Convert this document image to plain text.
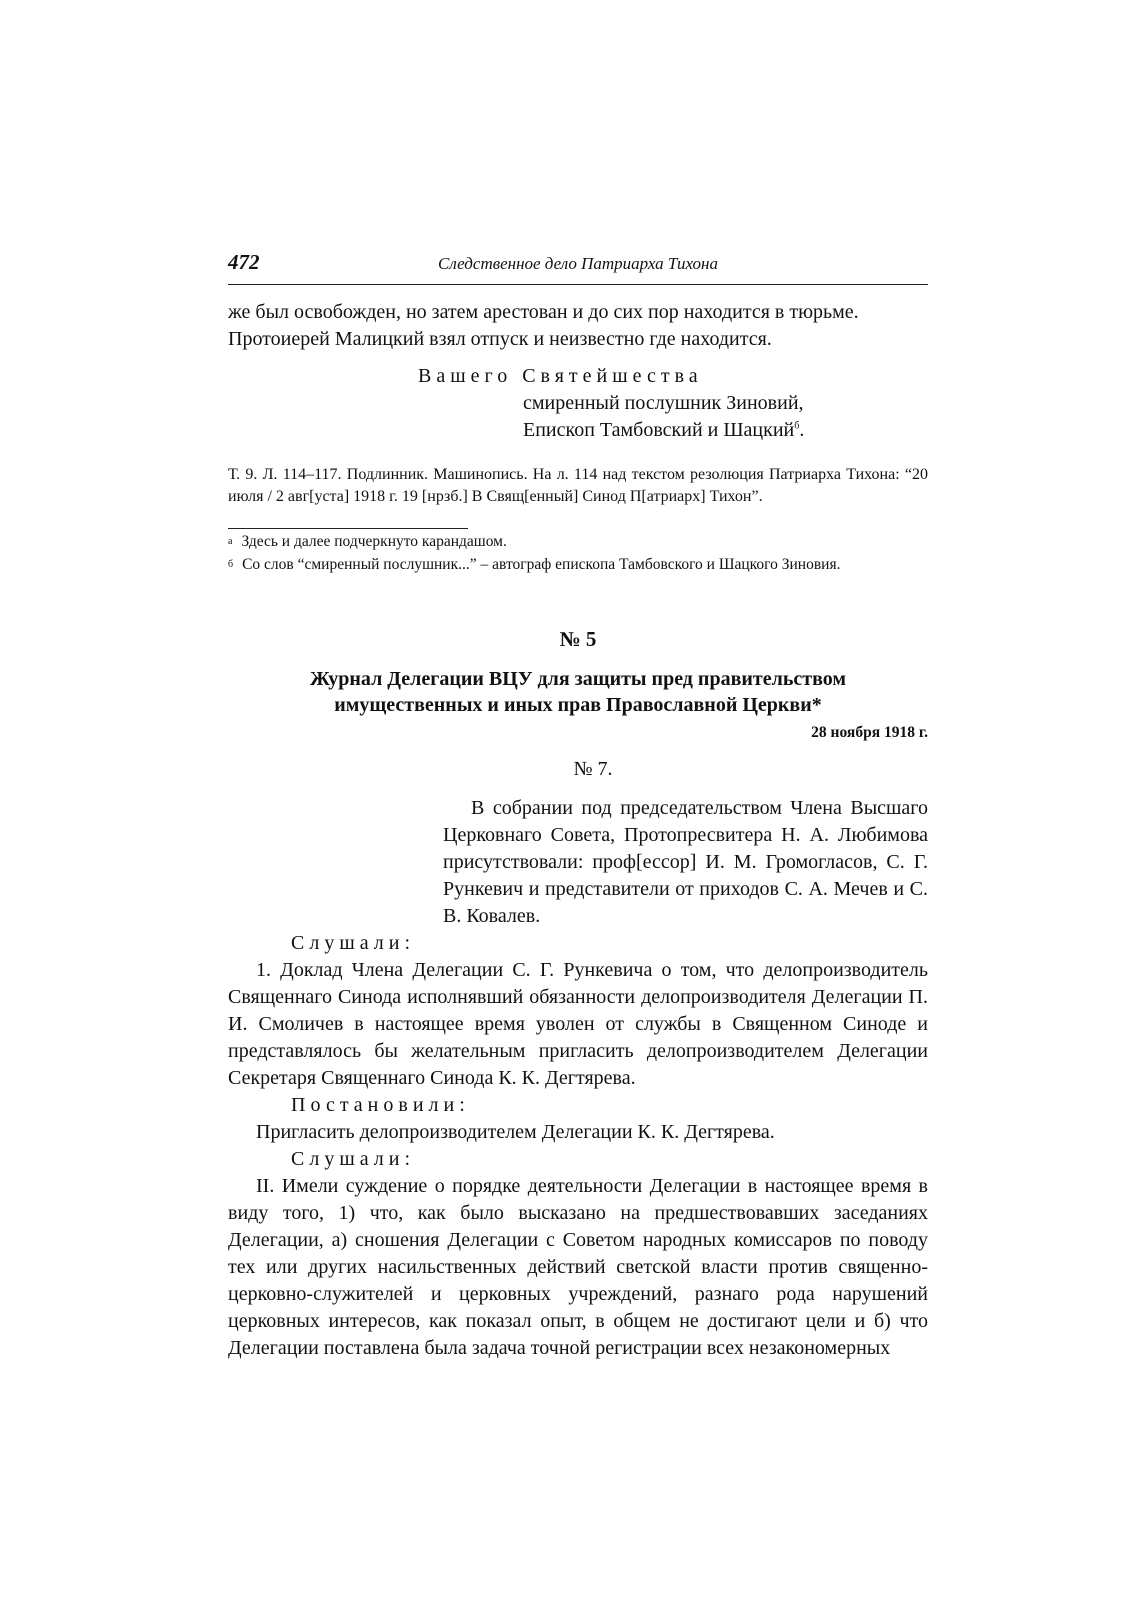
472	Следственное дело Патриарха Тихона

же был освобожден, но затем арестован и до сих пор находится в тюрьме.

Протоиерей Малицкий взял отпуск и неизвестно где находится.

Вашего Святейшества

смиренный послушник Зиновий,

Епископ Тамбовский и Шацкий$^б$.

Т. 9. Л. 114–117. Подлинник. Машинопись. На л. 114 над текстом резолюция Патриарха Тихона: “20 июля / 2 авг[уста] 1918 г. 19 [нрзб.] В Свящ[енный] Синод П[атриарх] Тихон”.

$^а$ Здесь и далее подчеркнуто карандашом.

$^б$ Со слов “смиренный послушник...” – автограф епископа Тамбовского и Шацкого Зиновия.

№ 5

Журнал Делегации ВЦУ для защиты пред правительством

имущественных и иных прав Православной Церкви*

28 ноября 1918 г.

№ 7.

В собрании под председательством Члена Высшаго Церковнаго Совета, Протопресвитера Н. А. Любимова присутствовали: проф[ессор] И. М. Громогласов, С. Г. Рункевич и представители от приходов С. А. Мечев и С. В. Ковалев.

Слушали:

1. Доклад Члена Делегации С. Г. Рункевича о том, что делопроизводитель Священнаго Синода исполнявший обязанности делопроизводителя Делегации П. И. Смоличев в настоящее время уволен от службы в Священном Синоде и представлялось бы желательным пригласить делопроизводителем Делегации Секретаря Священнаго Синода К. К. Дегтярева.

Постановили:

Пригласить делопроизводителем Делегации К. К. Дегтярева.

Слушали:

II. Имели суждение о порядке деятельности Делегации в настоящее время в виду того, 1) что, как было высказано на предшествовавших заседаниях Делегации, а) сношения Делегации с Советом народных комиссаров по поводу тех или других насильственных действий светской власти против священно-церковно-служителей и церковных учреждений, разнаго рода нарушений церковных интересов, как показал опыт, в общем не достигают цели и б) что Делегации поставлена была задача точной регистрации всех незакономерных
